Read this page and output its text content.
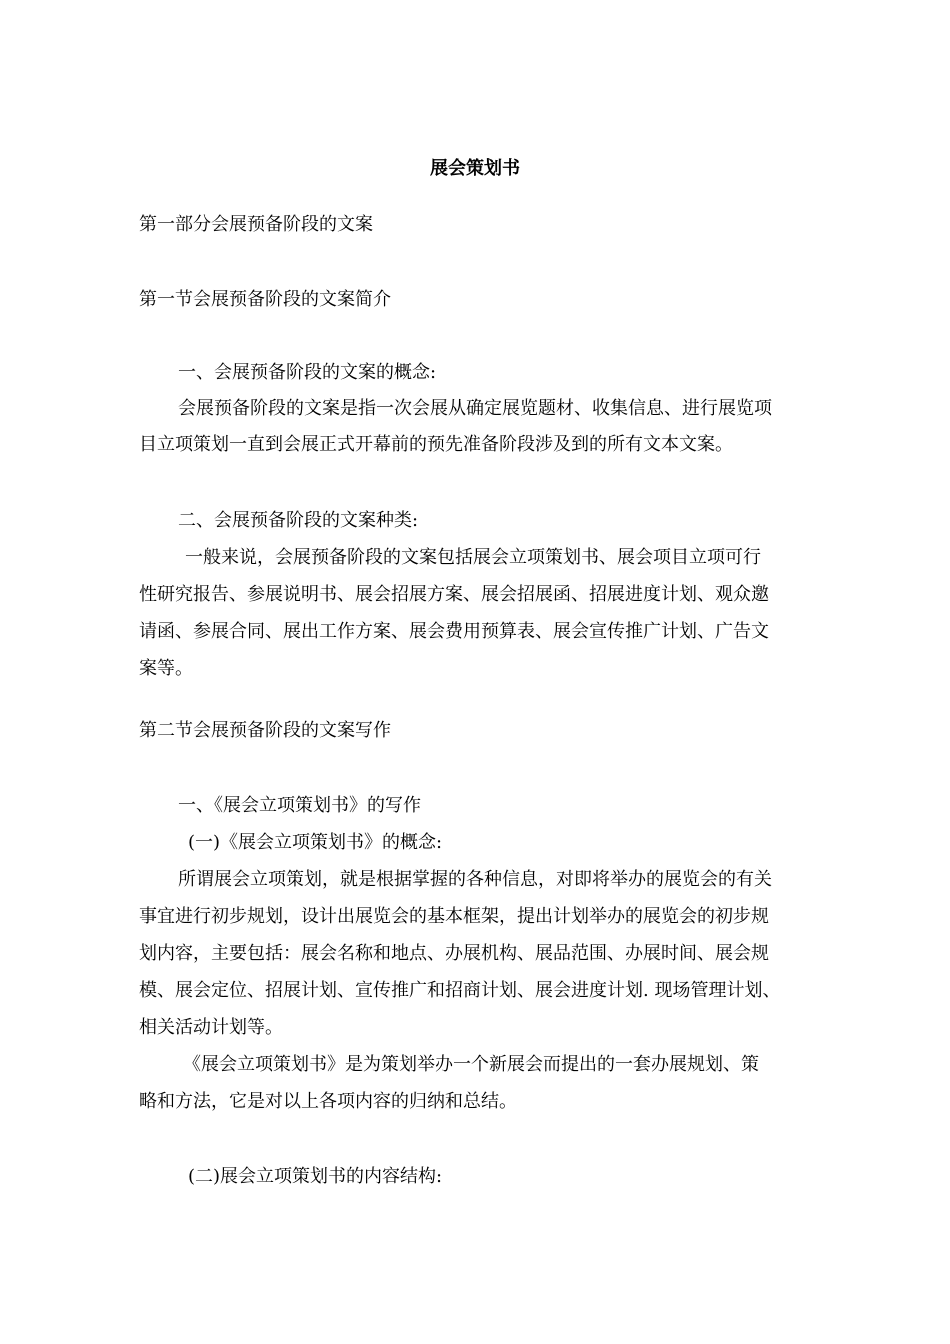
展会策划书
第一部分会展预备阶段的文案
第一节会展预备阶段的文案简介
一、会展预备阶段的文案的概念:
会展预备阶段的文案是指一次会展从确定展览题材、收集信息、进行展览项
目立项策划一直到会展正式开幕前的预先准备阶段涉及到的所有文本文案。
二、会展预备阶段的文案种类:
一般来说，会展预备阶段的文案包括展会立项策划书、展会项目立项可行
性研究报告、参展说明书、展会招展方案、展会招展函、招展进度计划、观众邀
请函、参展合同、展出工作方案、展会费用预算表、展会宣传推广计划、广告文
案等。
第二节会展预备阶段的文案写作
一、《展会立项策划书》的写作
(一)《展会立项策划书》的概念:
所谓展会立项策划，就是根据掌握的各种信息，对即将举办的展览会的有关
事宜进行初步规划，设计出展览会的基本框架，提出计划举办的展览会的初步规
划内容，主要包括：展会名称和地点、办展机构、展品范围、办展时间、展会规
模、展会定位、招展计划、宣传推广和招商计划、展会进度计划. 现场管理计划、
相关活动计划等。
《展会立项策划书》是为策划举办一个新展会而提出的一套办展规划、策
略和方法，它是对以上各项内容的归纳和总结。
(二)展会立项策划书的内容结构:
